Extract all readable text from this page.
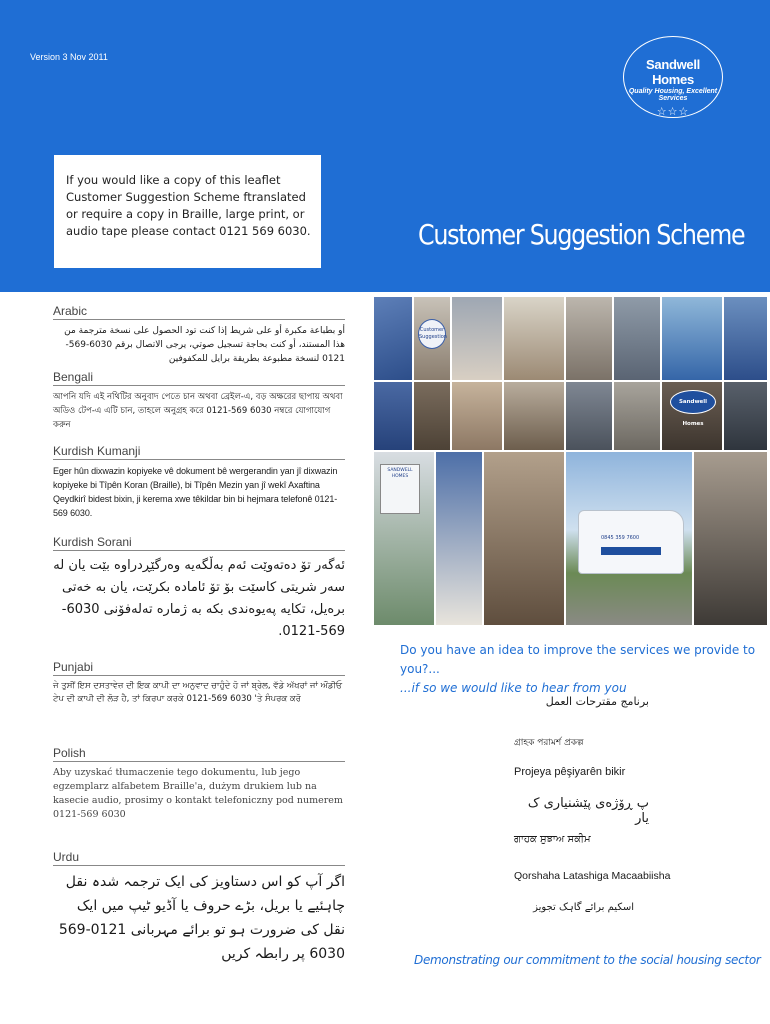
Version 3 Nov 2011	Sandwell Homes
Quality Housing, Excellent Services
☆☆☆
If you would like a copy of this leaflet Customer Suggestion Scheme ftranslated or require a copy in Braille, large print, or audio tape please contact 0121 569 6030.	Customer Suggestion Scheme
Arabic
أو بطباعة مكبرة أو على شريط إذا كنت تود الحصول على نسخة مترجمة من هذا المستند، أو كنت بحاجة تسجيل صوتي، يرجى الاتصال برقم 6030-569-0121 لنسخة مطبوعة بطريقة برايل للمكفوفين
Bengali
আপনি যদি এই নথিটির অনুবাদ পেতে চান অথবা ব্রেইল-এ, বড় অক্ষরের ছাপায় অথবা অডিও টেপ-এ এটি চান, তাহলে অনুগ্রহ করে 0121-569 6030 নম্বরে যোগাযোগ করুন
Kurdish Kumanji
Eger hûn dixwazin kopiyeke vê dokument bê wergerandin yan jî dixwazin kopiyeke bi Tîpên Koran (Braille), bi Tîpên Mezin yan jî wekî Axaftina Qeydkirî bidest bixin, ji kerema xwe têkildar bin bi hejmara telefonê 0121-569 6030.
Kurdish Sorani
ئەگەر تۆ دەتەوێت ئەم بەڵگەیە وەرگێڕدراوە بێت یان لە سەر شریتی کاسێت بۆ تۆ ئامادە بکرێت، یان بە خەتی برەیل، تکایە پەیوەندی بکە بە ژمارە تەلەفۆنی 6030-569-0121.
Punjabi
ਜੇ ਤੁਸੀਂ ਇਸ ਦਸਤਾਵੇਜ਼ ਦੀ ਇਕ ਕਾਪੀ ਦਾ ਅਨੁਵਾਦ ਚਾਹੁੰਦੇ ਹੋ ਜਾਂ ਬ੍ਰੇਲ, ਵੱਡੇ ਅੱਖਰਾਂ ਜਾਂ ਔਡੀਓ ਟੇਪ ਦੀ ਕਾਪੀ ਦੀ ਲੋੜ ਹੈ, ਤਾਂ ਕਿਰਪਾ ਕਰਕੇ 0121-569 6030 'ਤੇ ਸੰਪਰਕ ਕਰੋ
Polish
Aby uzyskać tłumaczenie tego dokumentu, lub jego egzemplarz alfabetem Braille'a, dużym drukiem lub na kasecie audio, prosimy o kontakt telefoniczny pod numerem 0121-569 6030
Urdu
اگر آپ کو اس دستاویز کی ایک ترجمہ شدہ نقل چاہئیے یا بریل، بڑے حروف یا آڈیو ٹیپ میں ایک نقل کی ضرورت ہو تو برائے مہربانی 0121-569 6030 پر رابطہ کریں
Customer Suggestion
Sandwell Homes
SANDWELL HOMES
0845 359 7600
Do you have an idea to improve the services we provide to you?...
...if so we would like to hear from you
برنامج مقترحات العمل
গ্রাহক পরামর্শ প্রকল্প
Projeya pêşiyarên bikir
پ ڕۆژەی پێشنیاری ک یار
ਗਾਹਕ ਸੁਝਾਅ ਸਕੀਮ
Qorshaha Latashiga Macaabiisha
اسکیم برائے گاہک تجویز
Demonstrating our commitment to the social housing sector
